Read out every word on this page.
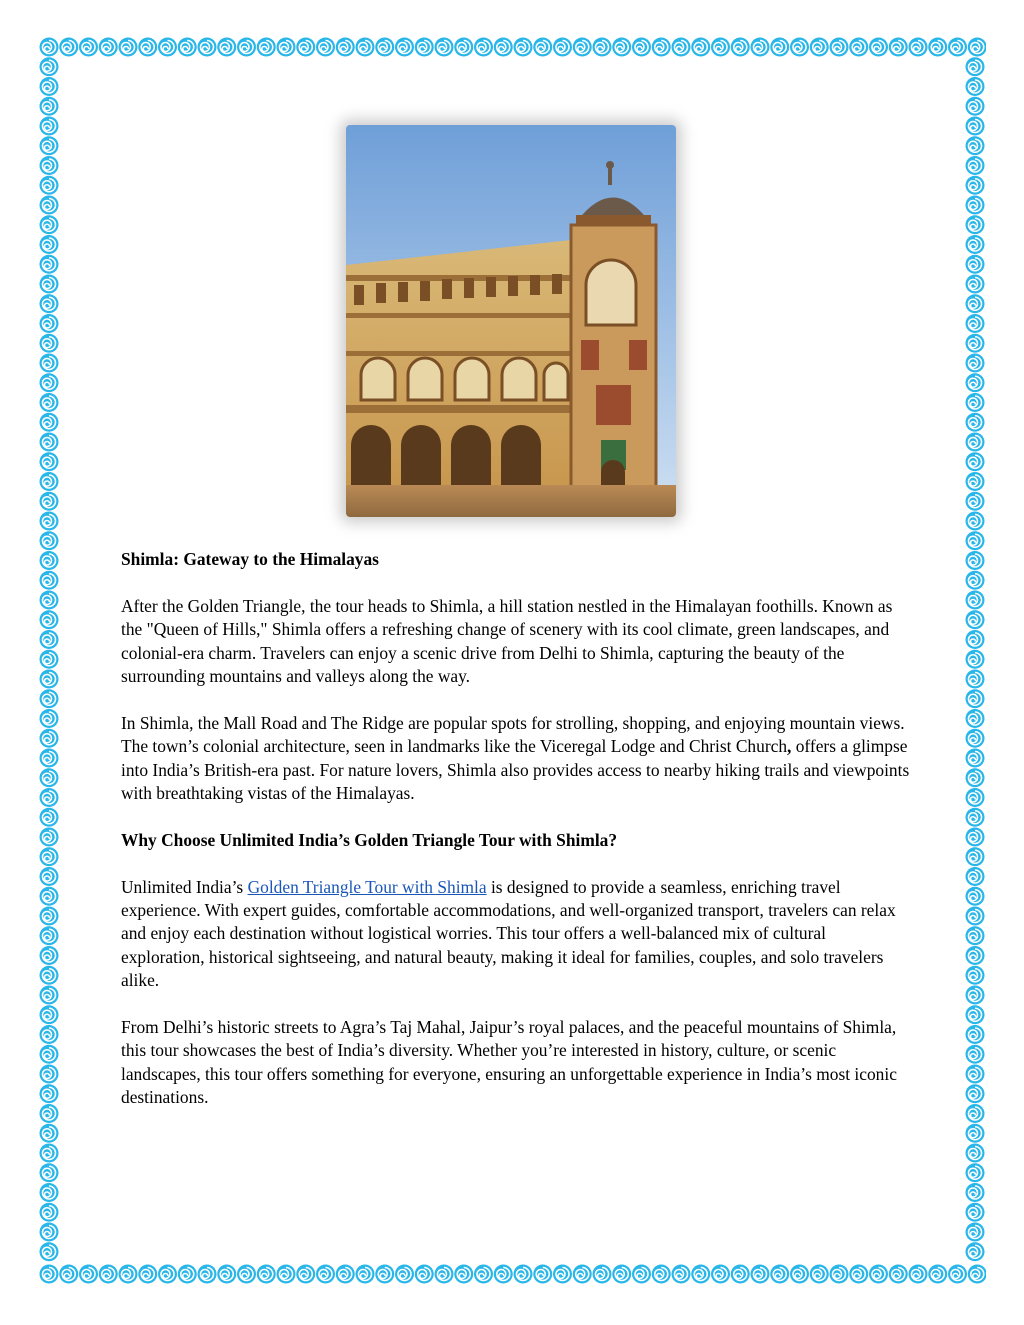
Shimla: Gateway to the Himalayas

After the Golden Triangle, the tour heads to Shimla, a hill station nestled in the Himalayan foothills. Known as the "Queen of Hills," Shimla offers a refreshing change of scenery with its cool climate, green landscapes, and colonial-era charm. Travelers can enjoy a scenic drive from Delhi to Shimla, capturing the beauty of the surrounding mountains and valleys along the way.

In Shimla, the Mall Road and The Ridge are popular spots for strolling, shopping, and enjoying mountain views. The town’s colonial architecture, seen in landmarks like the Viceregal Lodge and Christ Church, offers a glimpse into India’s British-era past. For nature lovers, Shimla also provides access to nearby hiking trails and viewpoints with breathtaking vistas of the Himalayas.

Why Choose Unlimited India’s Golden Triangle Tour with Shimla?

Unlimited India’s Golden Triangle Tour with Shimla is designed to provide a seamless, enriching travel experience. With expert guides, comfortable accommodations, and well-organized transport, travelers can relax and enjoy each destination without logistical worries. This tour offers a well-balanced mix of cultural exploration, historical sightseeing, and natural beauty, making it ideal for families, couples, and solo travelers alike.

From Delhi’s historic streets to Agra’s Taj Mahal, Jaipur’s royal palaces, and the peaceful mountains of Shimla, this tour showcases the best of India’s diversity. Whether you’re interested in history, culture, or scenic landscapes, this tour offers something for everyone, ensuring an unforgettable experience in India’s most iconic destinations.
